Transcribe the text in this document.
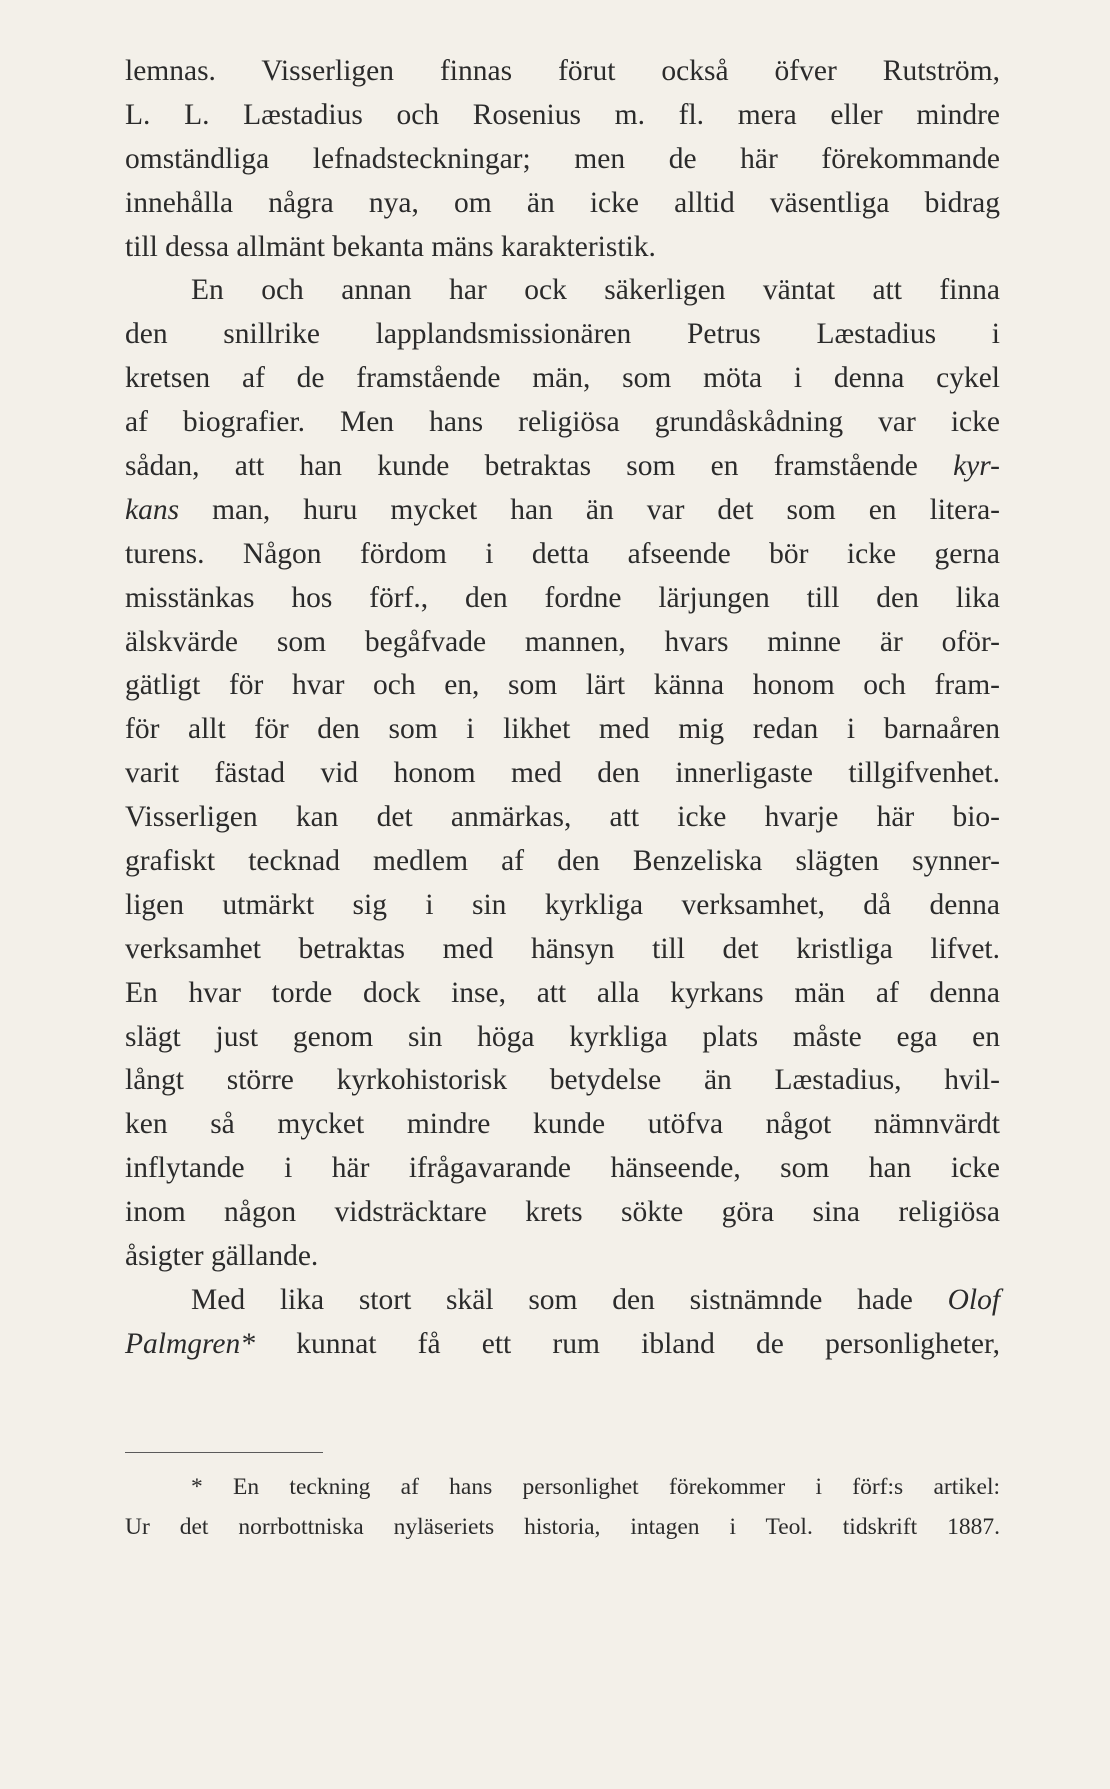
lemnas. Visserligen finnas förut också öfver Rutström,
L. L. Læstadius och Rosenius m. fl. mera eller mindre
omständliga lefnadsteckningar; men de här förekommande
innehålla några nya, om än icke alltid väsentliga bidrag
till dessa allmänt bekanta mäns karakteristik.
En och annan har ock säkerligen väntat att finna
den snillrike lapplandsmissionären Petrus Læstadius i
kretsen af de framstående män, som möta i denna cykel
af biografier. Men hans religiösa grundåskådning var icke
sådan, att han kunde betraktas som en framstående kyr-
kans man, huru mycket han än var det som en litera-
turens. Någon fördom i detta afseende bör icke gerna
misstänkas hos förf., den fordne lärjungen till den lika
älskvärde som begåfvade mannen, hvars minne är oför-
gätligt för hvar och en, som lärt känna honom och fram-
för allt för den som i likhet med mig redan i barnaåren
varit fästad vid honom med den innerligaste tillgifvenhet.
Visserligen kan det anmärkas, att icke hvarje här bio-
grafiskt tecknad medlem af den Benzeliska slägten synner-
ligen utmärkt sig i sin kyrkliga verksamhet, då denna
verksamhet betraktas med hänsyn till det kristliga lifvet.
En hvar torde dock inse, att alla kyrkans män af denna
slägt just genom sin höga kyrkliga plats måste ega en
långt större kyrkohistorisk betydelse än Læstadius, hvil-
ken så mycket mindre kunde utöfva något nämnvärdt
inflytande i här ifrågavarande hänseende, som han icke
inom någon vidsträcktare krets sökte göra sina religiösa
åsigter gällande.
Med lika stort skäl som den sistnämnde hade Olof
Palmgren* kunnat få ett rum ibland de personligheter,
* En teckning af hans personlighet förekommer i förf:s artikel:
Ur det norrbottniska nyläseriets historia, intagen i Teol. tidskrift 1887.
